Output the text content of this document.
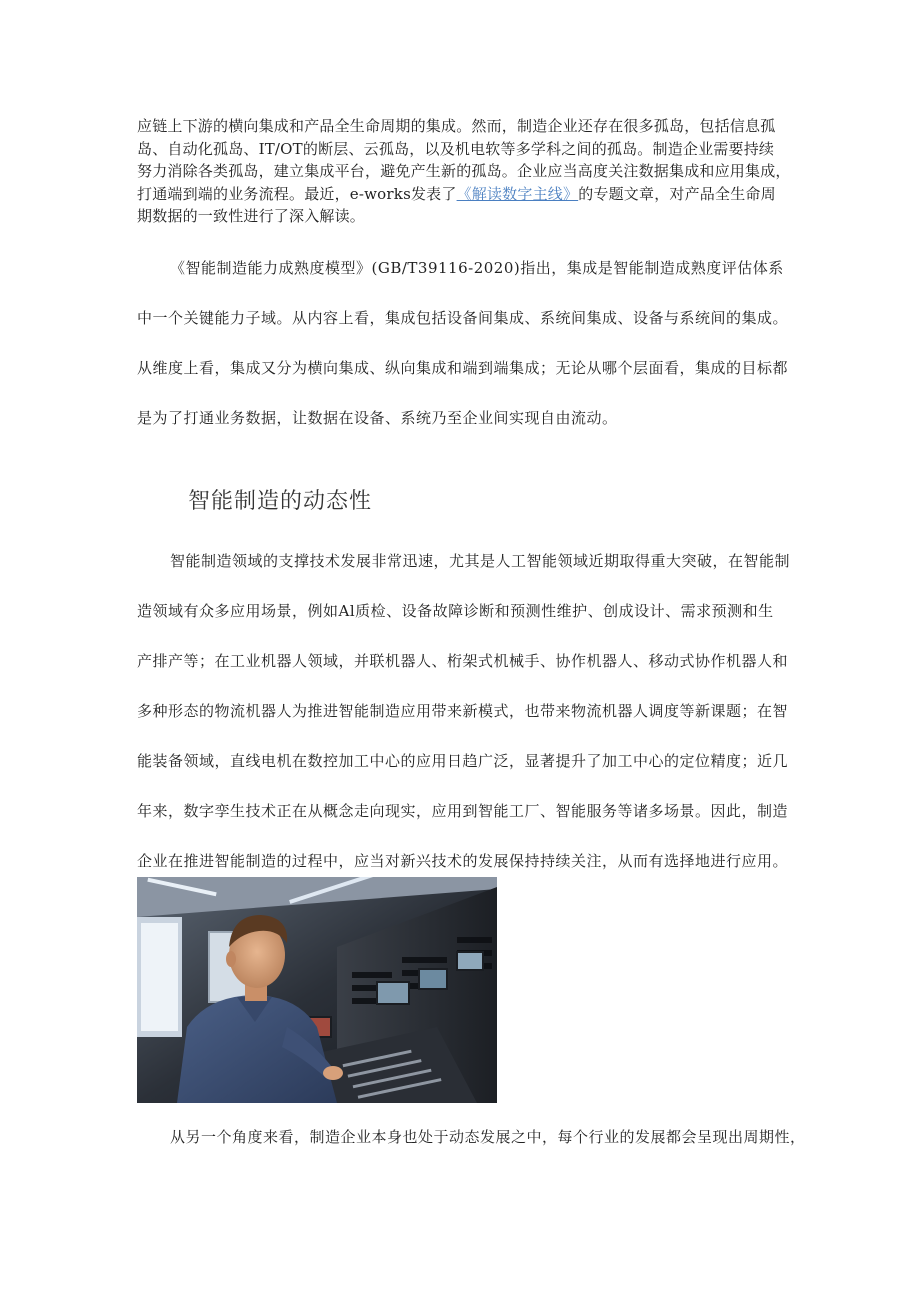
应链上下游的横向集成和产品全生命周期的集成。然而，制造企业还存在很多孤岛，包括信息孤
岛、自动化孤岛、IT/OT的断层、云孤岛，以及机电软等多学科之间的孤岛。制造企业需要持续
努力消除各类孤岛，建立集成平台，避免产生新的孤岛。企业应当高度关注数据集成和应用集成，
打通端到端的业务流程。最近，e-works发表了《解读数字主线》的专题文章，对产品全生命周
期数据的一致性进行了深入解读。
《智能制造能力成熟度模型》(GB/T39116-2020)指出，集成是智能制造成熟度评估体系
中一个关键能力子域。从内容上看，集成包括设备间集成、系统间集成、设备与系统间的集成。
从维度上看，集成又分为横向集成、纵向集成和端到端集成；无论从哪个层面看，集成的目标都
是为了打通业务数据，让数据在设备、系统乃至企业间实现自由流动。
智能制造的动态性
智能制造领域的支撑技术发展非常迅速，尤其是人工智能领域近期取得重大突破，在智能制
造领域有众多应用场景，例如Al质检、设备故障诊断和预测性维护、创成设计、需求预测和生
产排产等；在工业机器人领域，并联机器人、桁架式机械手、协作机器人、移动式协作机器人和
多种形态的物流机器人为推进智能制造应用带来新模式，也带来物流机器人调度等新课题；在智
能装备领域，直线电机在数控加工中心的应用日趋广泛，显著提升了加工中心的定位精度；近几
年来，数字孪生技术正在从概念走向现实，应用到智能工厂、智能服务等诸多场景。因此，制造
企业在推进智能制造的过程中，应当对新兴技术的发展保持持续关注，从而有选择地进行应用。
从另一个角度来看，制造企业本身也处于动态发展之中，每个行业的发展都会呈现出周期性，
